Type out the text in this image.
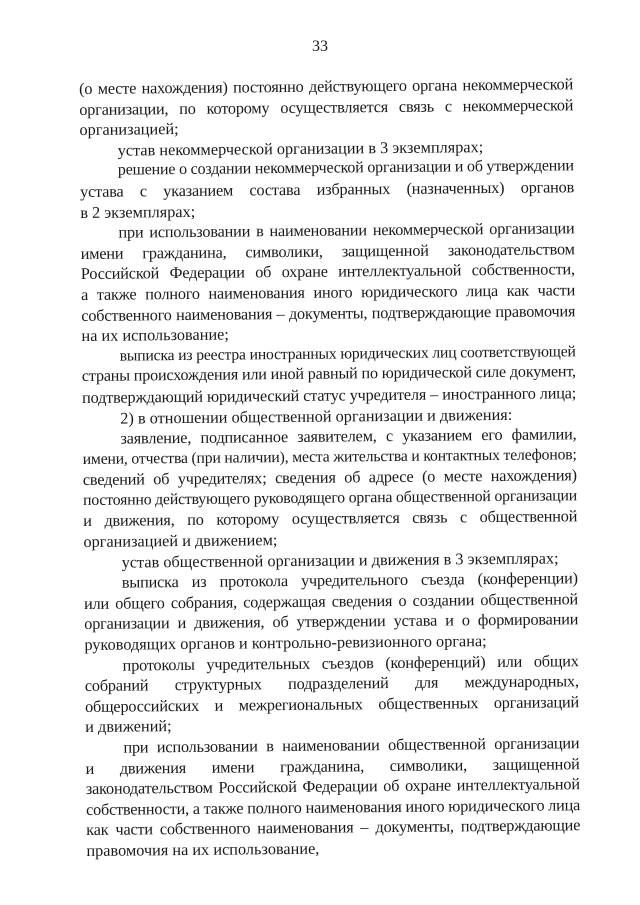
33
(о месте нахождения) постоянно действующего органа некоммерческой
организации, по которому осуществляется связь с некоммерческой
организацией;
устав некоммерческой организации в 3 экземплярах;
решение о создании некоммерческой организации и об утверждении
устава с указанием состава избранных (назначенных) органов
в 2 экземплярах;
при использовании в наименовании некоммерческой организации
имени гражданина, символики, защищенной законодательством
Российской Федерации об охране интеллектуальной собственности,
а также полного наименования иного юридического лица как части
собственного наименования – документы, подтверждающие правомочия
на их использование;
выписка из реестра иностранных юридических лиц соответствующей
страны происхождения или иной равный по юридической силе документ,
подтверждающий юридический статус учредителя – иностранного лица;
2) в отношении общественной организации и движения:
заявление, подписанное заявителем, с указанием его фамилии,
имени, отчества (при наличии), места жительства и контактных телефонов;
сведений об учредителях; сведения об адресе (о месте нахождения)
постоянно действующего руководящего органа общественной организации
и движения, по которому осуществляется связь с общественной
организацией и движением;
устав общественной организации и движения в 3 экземплярах;
выписка из протокола учредительного съезда (конференции)
или общего собрания, содержащая сведения о создании общественной
организации и движения, об утверждении устава и о формировании
руководящих органов и контрольно-ревизионного органа;
протоколы учредительных съездов (конференций) или общих
собраний структурных подразделений для международных,
общероссийских и межрегиональных общественных организаций
и движений;
при использовании в наименовании общественной организации
и движения имени гражданина, символики, защищенной
законодательством Российской Федерации об охране интеллектуальной
собственности, а также полного наименования иного юридического лица
как части собственного наименования – документы, подтверждающие
правомочия на их использование,
